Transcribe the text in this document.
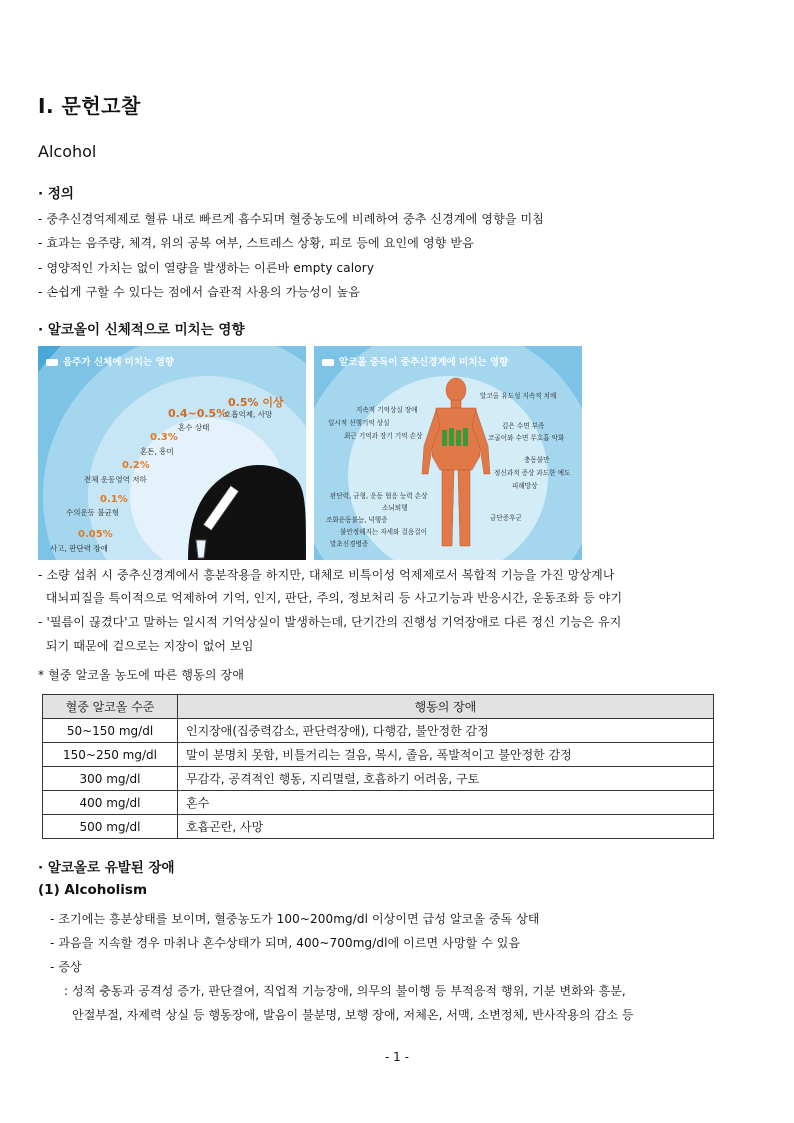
Ⅰ. 문헌고찰
Alcohol
· 정의
- 중추신경억제제로 혈류 내로 빠르게 흡수되며 혈중농도에 비례하여 중추 신경계에 영향을 미침
- 효과는 음주량, 체격, 위의 공복 여부, 스트레스 상황, 피로 등에 요인에 영향 받음
- 영양적인 가치는 없이 열량을 발생하는 이른바 empty calory
- 손쉽게 구할 수 있다는 점에서 습관적 사용의 가능성이 높음
· 알코올이 신체적으로 미치는 영향
음주가 신체에 미치는 영향
0.5% 이상
호흡억제, 사망
0.4~0.5%
혼수 상태
0.3%
혼돈, 흥미
0.2%
전체 운동영역 저하
0.1%
수의운동 불균형
0.05%
사고, 판단력 장애
알코올 중독이 중추신경계에 미치는 영향
지속적 기억상실 장애
일시적 선행기억 상실
최근 기억과 장기 기억 손상
판단력, 균형, 운동 협응 능력 손상
소뇌퇴행
조화운동불능, 넉행증
불안정해지는 자세와 걸음걸이
말초신경병증
알코올 유도성 지속적 치매
깊은 수면 부족
코골이와 수면 무호흡 악화
충동불만
정신과적 증상 과도한 예도
피해망상
금단증후군
- 소량 섭취 시 중추신경계에서 흥분작용을 하지만, 대체로 비특이성 억제제로서 복합적 기능을 가진 망상계나
대뇌피질을 특이적으로 억제하여 기억, 인지, 판단, 주의, 정보처리 등 사고기능과 반응시간, 운동조화 등 야기
- '필름이 끊겼다'고 말하는 일시적 기억상실이 발생하는데, 단기간의 진행성 기억장애로 다른 정신 기능은 유지
되기 때문에 겉으로는 지장이 없어 보임
* 혈중 알코올 농도에 따른 행동의 장애
혈중 알코올 수준	행동의 장애
50~150 mg/dl	인지장애(집중력감소, 판단력장애), 다행감, 불안정한 감정
150~250 mg/dl	말이 분명치 못함, 비틀거리는 걸음, 복시, 졸음, 폭발적이고 불안정한 감정
300 mg/dl	무감각, 공격적인 행동, 지리멸렬, 호흡하기 어려움, 구토
400 mg/dl	혼수
500 mg/dl	호흡곤란, 사망
· 알코올로 유발된 장애
(1) Alcoholism
- 조기에는 흥분상태를 보이며, 혈중농도가 100~200mg/dl 이상이면 급성 알코올 중독 상태
- 과음을 지속할 경우 마취나 혼수상태가 되며, 400~700mg/dl에 이르면 사망할 수 있음
- 증상
: 성적 충동과 공격성 증가, 판단결여, 직업적 기능장애, 의무의 불이행 등 부적응적 행위, 기분 변화와 흥분,
안절부절, 자제력 상실 등 행동장애, 발음이 불분명, 보행 장애, 저체온, 서맥, 소변정체, 반사작용의 감소 등
- 1 -
